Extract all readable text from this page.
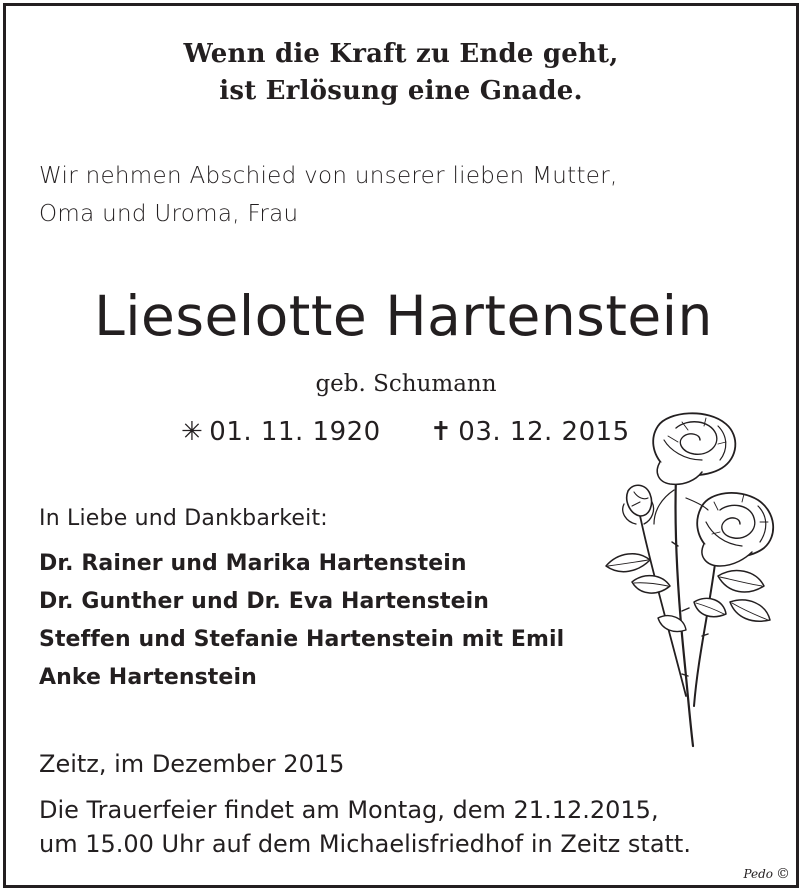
Wenn die Kraft zu Ende geht,
ist Erlösung eine Gnade.
Wir nehmen Abschied von unserer lieben Mutter,
Oma und Uroma, Frau
Lieselotte Hartenstein
geb. Schumann
✳ 01. 11. 1920 ✝ 03. 12. 2015
In Liebe und Dankbarkeit:
Dr. Rainer und Marika Hartenstein
Dr. Gunther und Dr. Eva Hartenstein
Steffen und Stefanie Hartenstein mit Emil
Anke Hartenstein
Zeitz, im Dezember 2015
Die Trauerfeier findet am Montag, dem 21.12.2015,
um 15.00 Uhr auf dem Michaelisfriedhof in Zeitz statt.
Pedo ©
